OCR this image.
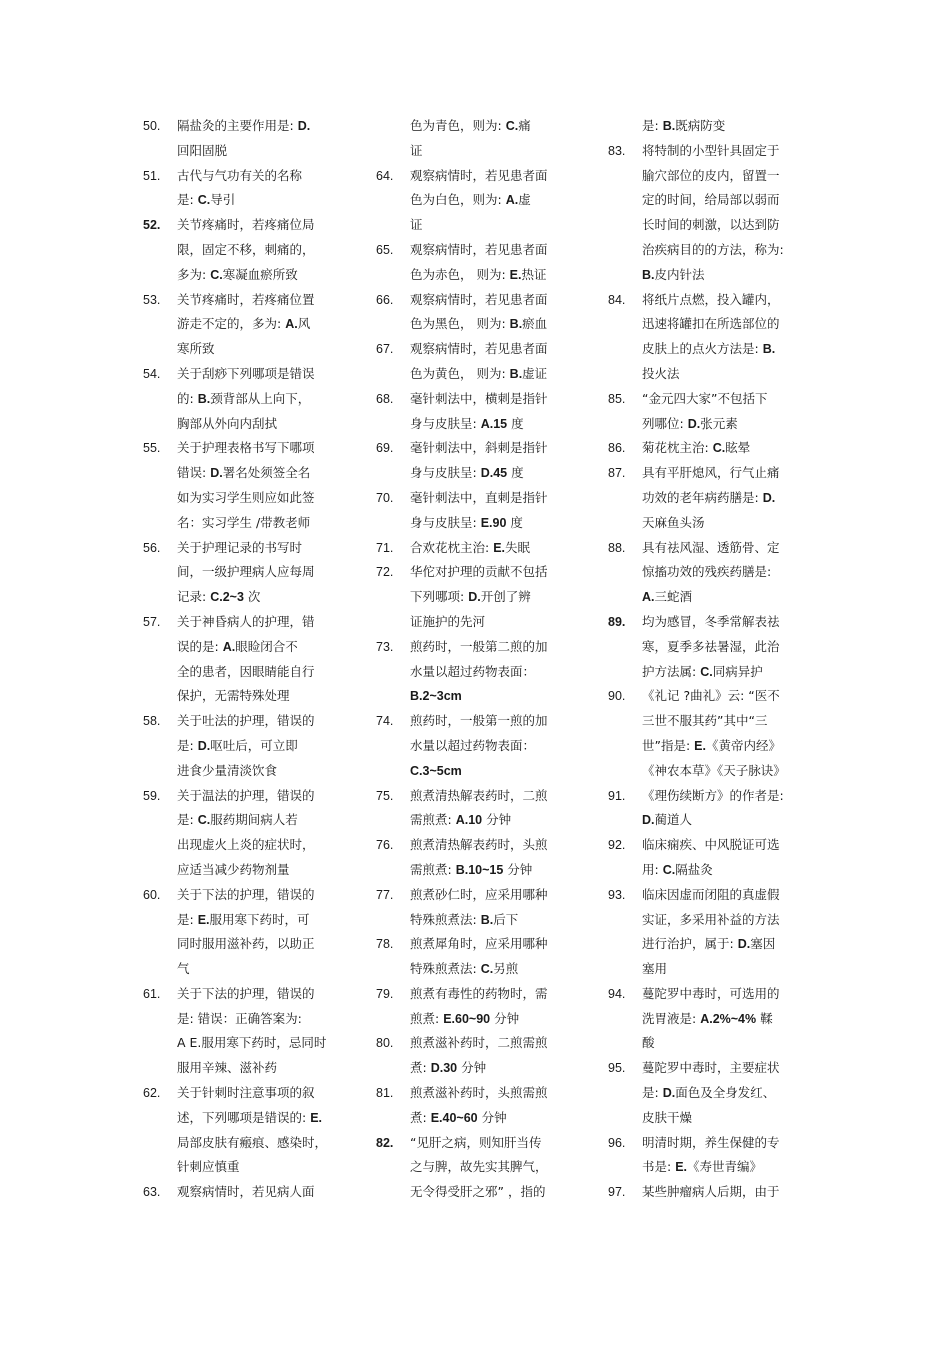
50.	隔盐灸的主要作用是: D.
回阳固脱
51.	古代与气功有关的名称
是: C.导引
52.	关节疼痛时，若疼痛位局
限，固定不移，刺痛的，
多为: C.寒凝血瘀所致
53.	关节疼痛时，若疼痛位置
游走不定的，多为: A.风
寒所致
54.	关于刮痧下列哪项是错误
的: B.颈背部从上向下，
胸部从外向内刮拭
55.	关于护理表格书写下哪项
错误: D.署名处须签全名
如为实习学生则应如此签
名：实习学生 /带教老师
56.	关于护理记录的书写时
间，一级护理病人应每周
记录: C.2~3 次
57.	关于神昏病人的护理，错
误的是: A.眼睑闭合不
全的患者，因眼睛能自行
保护，无需特殊处理
58.	关于吐法的护理，错误的
是: D.呕吐后，可立即
进食少量清淡饮食
59.	关于温法的护理，错误的
是: C.服药期间病人若
出现虚火上炎的症状时，
应适当减少药物剂量
60.	关于下法的护理，错误的
是: E.服用寒下药时，可
同时服用滋补药，以助正
气
61.	关于下法的护理，错误的
是: 错误：正确答案为:
A E.服用寒下药时，忌同时
服用辛辣、滋补药
62.	关于针刺时注意事项的叙
述，下列哪项是错误的: E.
局部皮肤有瘢痕、感染时，
针刺应慎重
63.	观察病情时，若见病人面
色为青色，则为: C.痛
证
64.	观察病情时，若见患者面
色为白色，则为: A.虚
证
65.	观察病情时，若见患者面
色为赤色， 则为: E.热证
66.	观察病情时，若见患者面
色为黑色， 则为: B.瘀血
67.	观察病情时，若见患者面
色为黄色， 则为: B.虚证
68.	毫针刺法中，横刺是指针
身与皮肤呈: A.15 度
69.	毫针刺法中，斜刺是指针
身与皮肤呈: D.45 度
70.	毫针刺法中，直刺是指针
身与皮肤呈: E.90 度
71.	合欢花枕主治: E.失眠
72.	华佗对护理的贡献不包括
下列哪项: D.开创了辨
证施护的先河
73.	煎药时，一般第二煎的加
水量以超过药物表面：
B.2~3cm
74.	煎药时，一般第一煎的加
水量以超过药物表面：
C.3~5cm
75.	煎煮清热解表药时，二煎
需煎煮: A.10 分钟
76.	煎煮清热解表药时，头煎
需煎煮: B.10~15 分钟
77.	煎煮砂仁时，应采用哪种
特殊煎煮法: B.后下
78.	煎煮犀角时，应采用哪种
特殊煎煮法: C.另煎
79.	煎煮有毒性的药物时，需
煎煮: E.60~90 分钟
80.	煎煮滋补药时，二煎需煎
煮: D.30 分钟
81.	煎煮滋补药时，头煎需煎
煮: E.40~60 分钟
82.	“见肝之病，则知肝当传
之与脾，故先实其脾气，
无令得受肝之邪” ，指的
是: B.既病防变
83.	将特制的小型针具固定于
腧穴部位的皮内，留置一
定的时间，给局部以弱而
长时间的刺激，以达到防
治疾病目的的方法，称为:
B.皮内针法
84.	将纸片点燃，投入罐内，
迅速将罐扣在所选部位的
皮肤上的点火方法是: B.
投火法
85.	“金元四大家”不包括下
列哪位: D.张元素
86.	菊花枕主治: C.眩晕
87.	具有平肝熄风，行气止痛
功效的老年病药膳是: D.
天麻鱼头汤
88.	具有祛风湿、透筋骨、定
惊搐功效的残疾药膳是:
A.三蛇酒
89.	均为感冒，冬季常解表祛
寒，夏季多祛暑湿，此治
护方法属: C.同病异护
90.	《礼记 ?曲礼》云: “医不
三世不服其药”其中“三
世”指是: E.《黄帝内经》
《神农本草》《天子脉诀》
91.	《理伤续断方》的作者是:
D.蔺道人
92.	临床痫疾、中风脱证可选
用: C.隔盐灸
93.	临床因虚而闭阻的真虚假
实证，多采用补益的方法
进行治护，属于: D.塞因
塞用
94.	蔓陀罗中毒时，可选用的
洗胃液是: A.2%~4% 鞣
酸
95.	蔓陀罗中毒时，主要症状
是: D.面色及全身发红、
皮肤干燥
96.	明清时期，养生保健的专
书是: E.《寿世青编》
97.	某些肿瘤病人后期，由于
